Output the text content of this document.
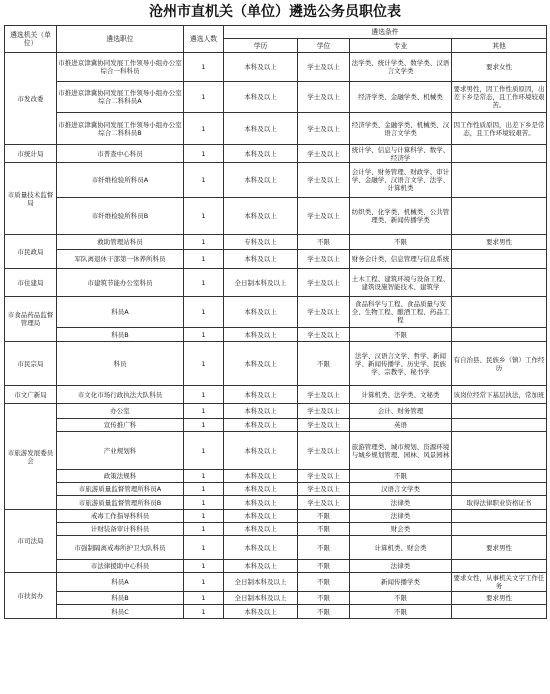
沧州市直机关（单位）遴选公务员职位表
遴选机关（单位）	遴选职位	遴选人数	遴选条件			
			学历	学位	专业	其他
市发改委	市推进京津冀协同发展工作领导小组办公室综合一科科员	1	本科及以上	学士及以上	法学类、统计学类、数学类、汉语言文学类	要求女性
	市推进京津冀协同发展工作领导小组办公室综合二科科员A	1	本科及以上	学士及以上	经济学类、金融学类、机械类	要求男性，因工作性质原因，出差下乡是常态，且工作环境较艰苦。
	市推进京津冀协同发展工作领导小组办公室综合二科科员B	1	本科及以上	学士及以上	经济学类、金融学类、机械类、汉语言文学类	因工作性质原因，出差下乡是常态，且工作环境较艰苦。
市统计局	市普查中心科员	1	本科及以上	学士及以上	统计学、信息与计算科学、数学、经济学	
市质量技术监督局	市纤维检验所科员A	1	本科及以上	学士及以上	会计学、财务管理、财政学、审计学、金融学、汉语言文学、法学、计算机类	
	市纤维检验所科员B	1	本科及以上	学士及以上	纺织类、化学类、机械类、公共管理类、新闻传播学类	
市民政局	救助管理站科员	1	专科及以上	不限	不限	要求男性
	军队离退休干部第一休养所科员	1	本科及以上	学士及以上	财务会计类、信息管理与信息系统	
市住建局	市建筑节能办公室科员	1	全日制本科及以上	学士及以上	土木工程、建筑环境与设备工程、建筑设施智能技术、建筑学	
市食品药品监督管理局	科员A	1	本科及以上	学士及以上	食品科学与工程、食品质量与安全、生物工程、酿酒工程、药品工程	
	科员B	1	本科及以上	学士及以上	不限	
市民宗局	科员	1	本科及以上	不限	法学、汉语言文学、哲学、新闻学、新闻传播学、历史学、民族学、宗教学、秘书学	有自治县、民族乡（镇）工作经历
市文广新局	市文化市场行政执法大队科员	1	本科及以上	学士及以上	计算机类、法学类、文秘类	该岗位经常下基层执法，常加班
市旅游发展委员会	办公室	1	本科及以上	学士及以上	会计、财务管理	
	宣传推广科	1	本科及以上	学士及以上	英语	
	产业规划科	1	本科及以上	学士及以上	旅游管理类、城市规划、资源环境与城乡规划管理、园林、风景园林	
	政策法规科	1	本科及以上	学士及以上	不限	
	市旅游质量监督管理所科员A	1	本科及以上	学士及以上	汉语言文学类	
	市旅游质量监督管理所科员B	1	本科及以上	学士及以上	法律类	取得法律职业资格证书
市司法局	戒毒工作指导科科员	1	本科及以上	不限	法律类	
	计财装备审计科科员	1	本科及以上	不限	财会类	
	市强制隔离戒毒所护卫大队科员	1	本科及以上	不限	计算机类、财会类	要求男性
	市法律援助中心科员	1	本科及以上	不限	法律类	
市扶贫办	科员A	1	全日制本科及以上	不限	新闻传播学类	要求女性，从事机关文字工作任务
	科员B	1	全日制本科及以上	不限	不限	要求男性
	科员C	1	本科及以上	不限	不限	
